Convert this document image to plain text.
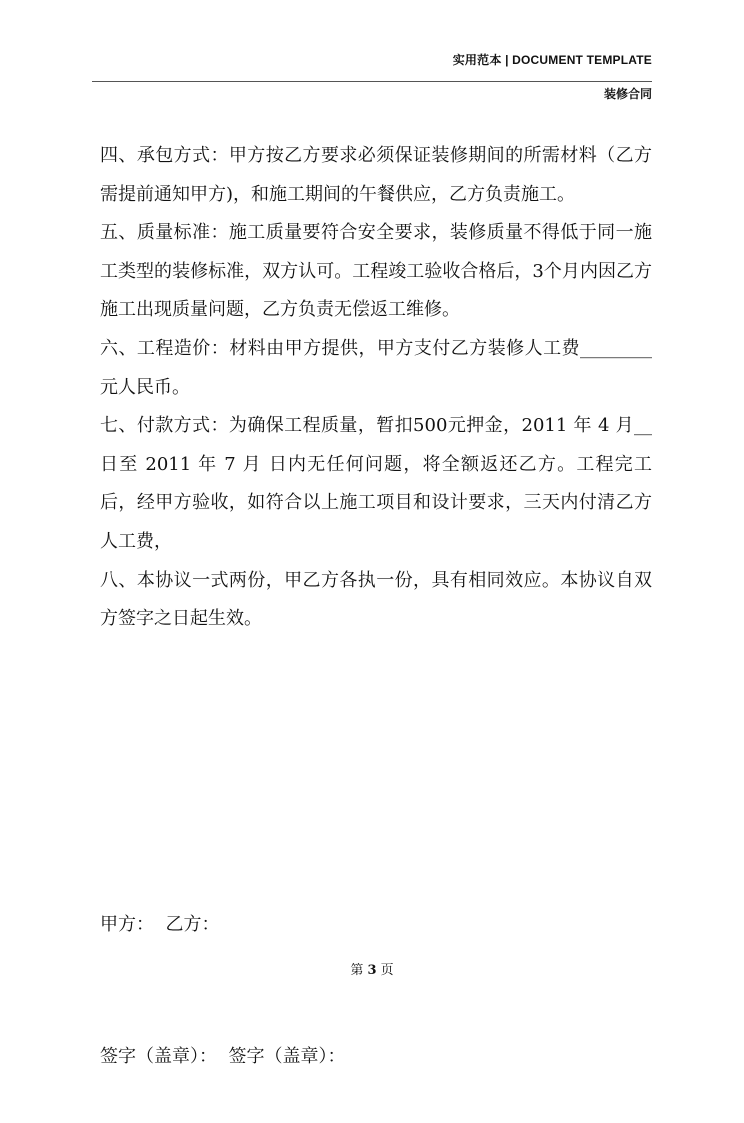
实用范本 | DOCUMENT TEMPLATE
装修合同

四、承包方式：甲方按乙方要求必须保证装修期间的所需材料（乙方需提前通知甲方)，和施工期间的午餐供应，乙方负责施工。

五、质量标准：施工质量要符合安全要求，装修质量不得低于同一施工类型的装修标准，双方认可。工程竣工验收合格后，3个月内因乙方施工出现质量问题，乙方负责无偿返工维修。

六、工程造价：材料由甲方提供，甲方支付乙方装修人工费________元人民币。

七、付款方式：为确保工程质量，暂扣500元押金，2011 年 4 月__日至 2011 年 7 月 日内无任何问题，将全额返还乙方。工程完工后，经甲方验收，如符合以上施工项目和设计要求，三天内付清乙方人工费，

八、本协议一式两份，甲乙方各执一份，具有相同效应。本协议自双方签字之日起生效。

甲方：  乙方：

签字（盖章）：  签字（盖章）：

第 3 页
